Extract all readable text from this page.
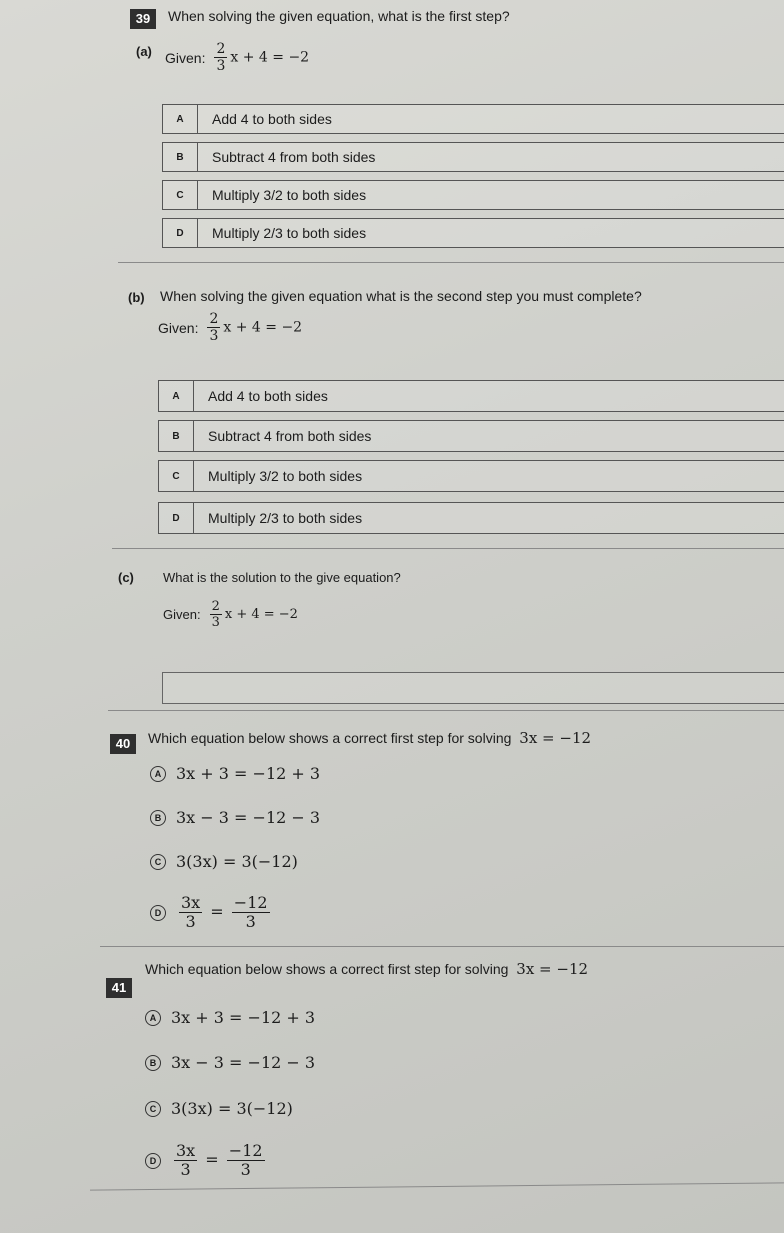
39	When solving the given equation, what is the first step?
(a) Given: $\frac{2}{3}$ x + 4 = −2
A	Add 4 to both sides
B	Subtract 4 from both sides
C	Multiply 3/2 to both sides
D	Multiply 2/3 to both sides
(b) When solving the given equation what is the second step you must complete?
Given: $\frac{2}{3}$ x + 4 = −2
A	Add 4 to both sides
B	Subtract 4 from both sides
C	Multiply 3/2 to both sides
D	Multiply 2/3 to both sides
(c) What is the solution to the give equation?
Given: $\frac{2}{3}$ x + 4 = −2
40	Which equation below shows a correct first step for solving 3x = −12
A 3x + 3 = −12 + 3
B 3x − 3 = −12 − 3
C 3(3x) = 3(−12)
D $\frac{3x}{3} = \frac{-12}{3}$
41
Which equation below shows a correct first step for solving 3x = −12
A 3x + 3 = −12 + 3
B 3x − 3 = −12 − 3
C 3(3x) = 3(−12)
D $\frac{3x}{3} = \frac{-12}{3}$
